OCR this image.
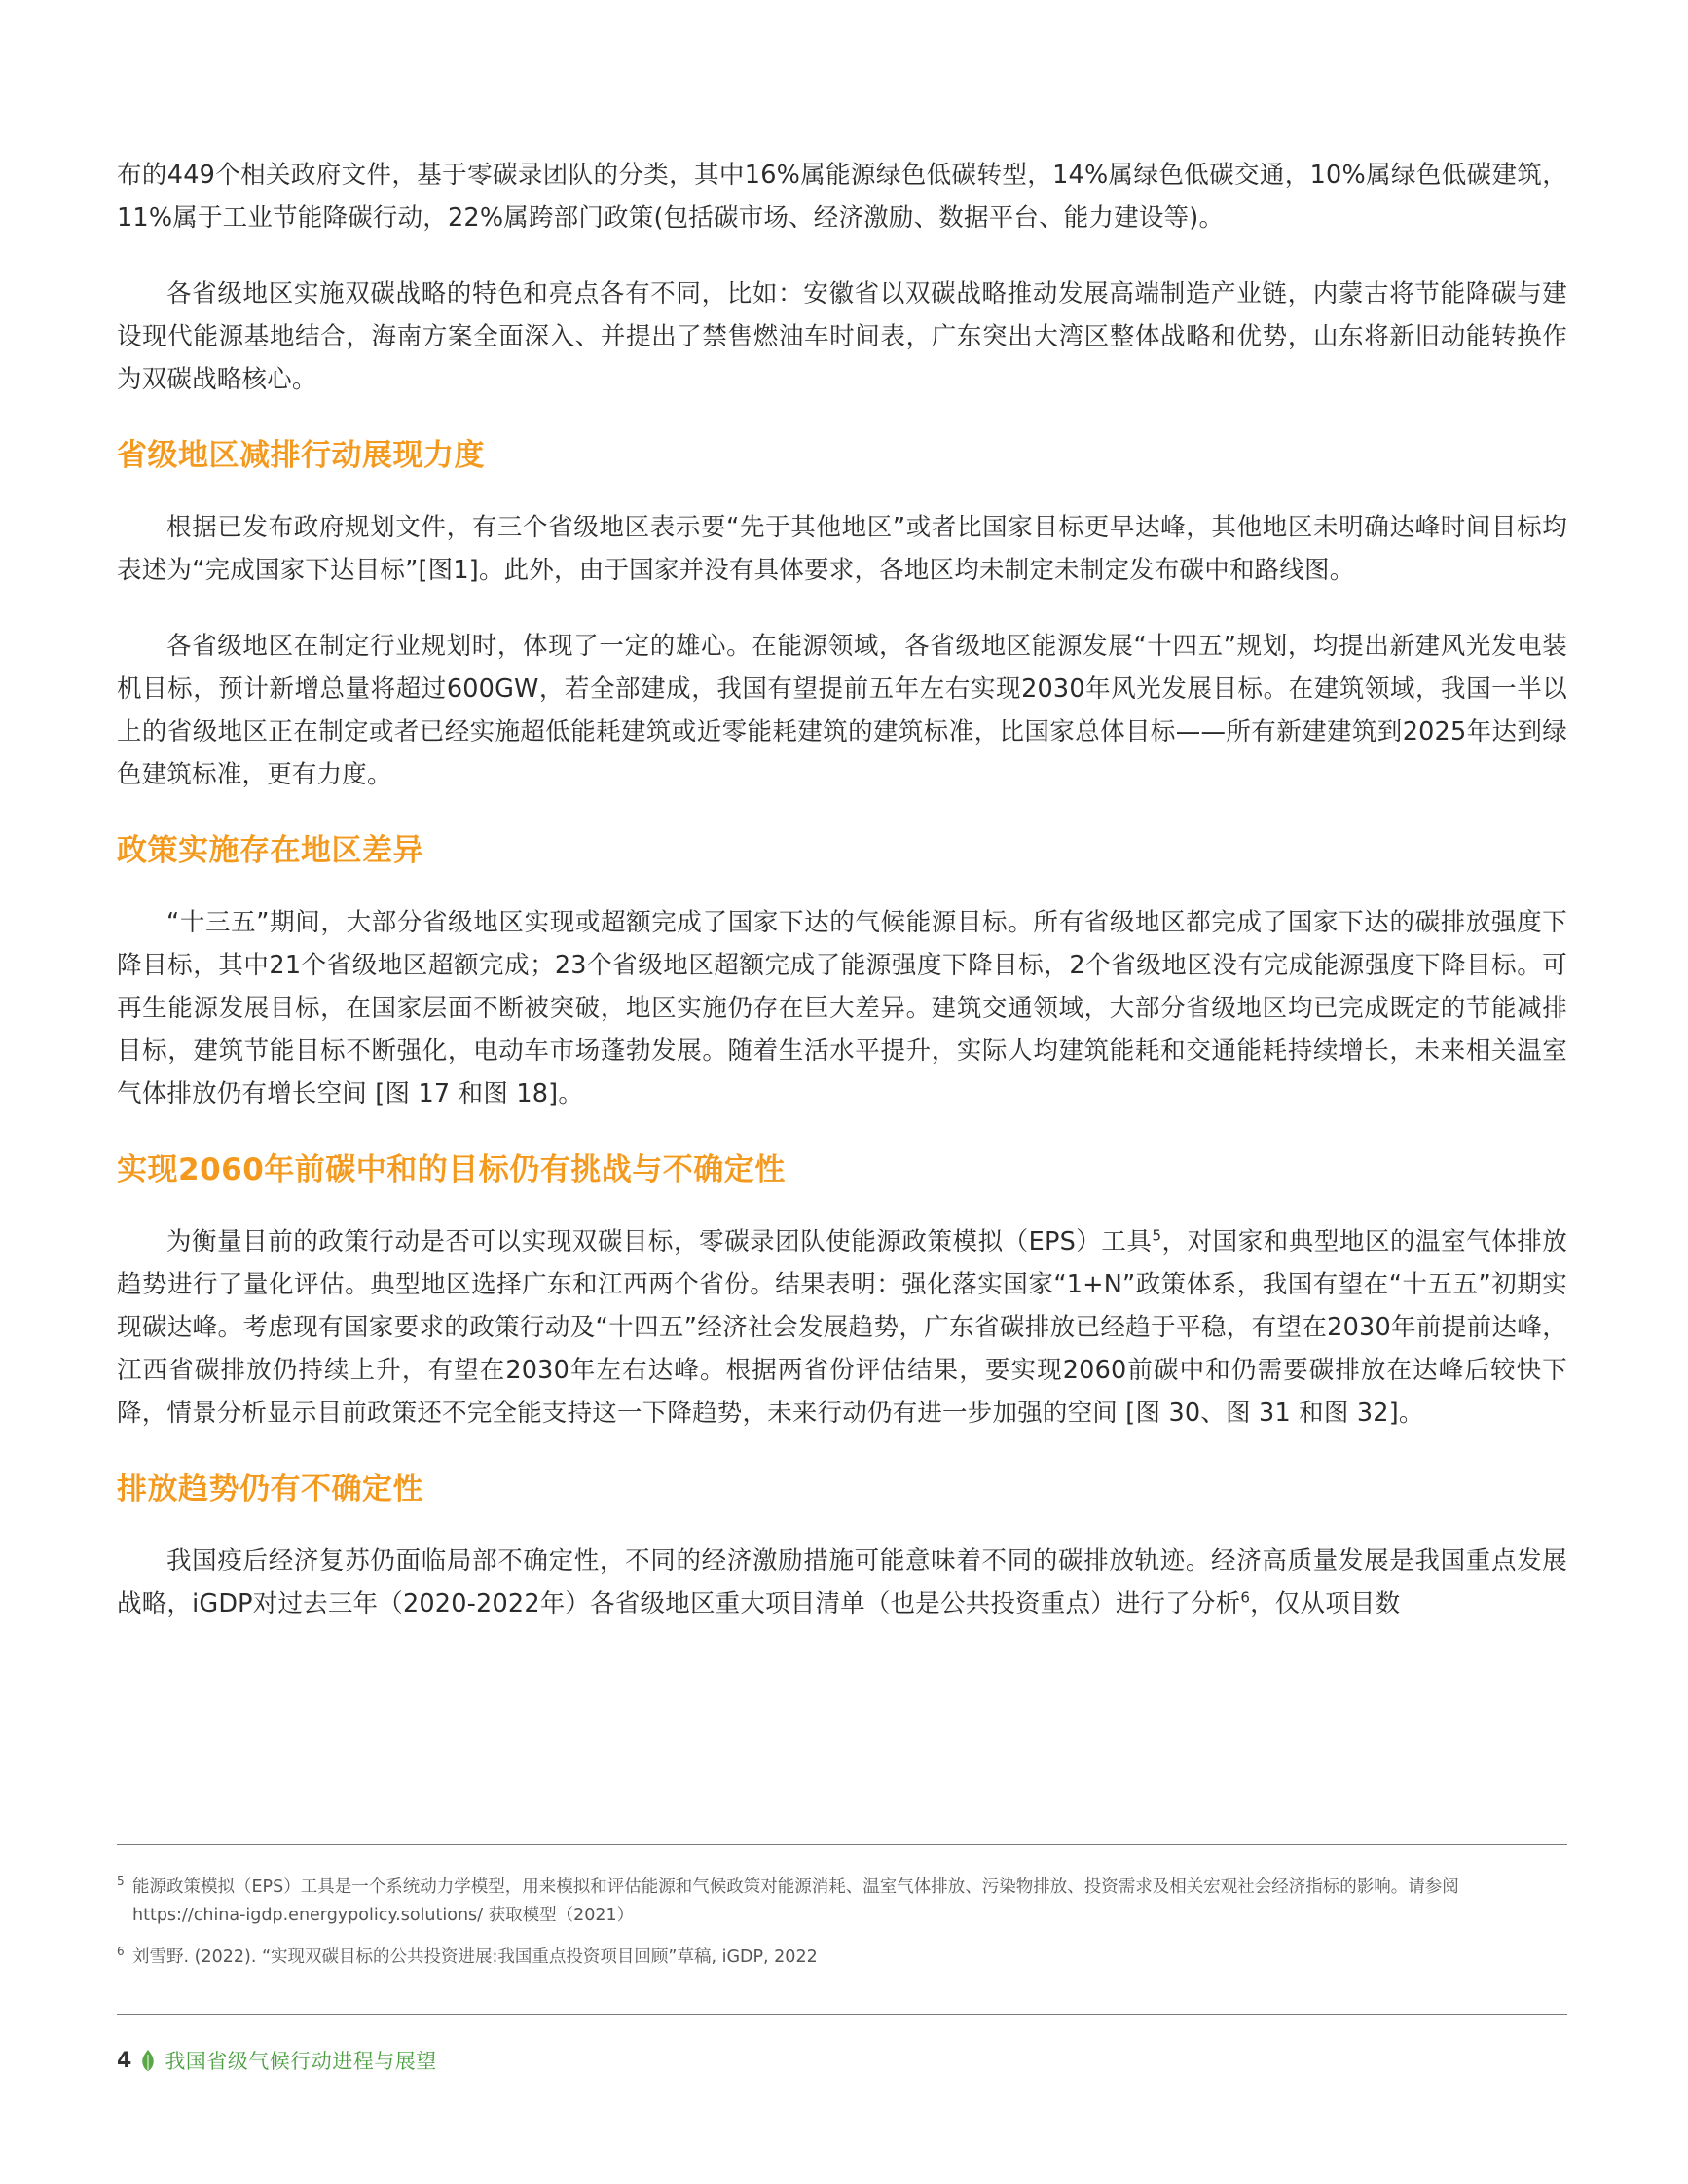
布的449个相关政府文件，基于零碳录团队的分类，其中16%属能源绿色低碳转型，14%属绿色低碳交通，10%属绿色低碳建筑，11%属于工业节能降碳行动，22%属跨部门政策(包括碳市场、经济激励、数据平台、能力建设等)。

各省级地区实施双碳战略的特色和亮点各有不同，比如：安徽省以双碳战略推动发展高端制造产业链，内蒙古将节能降碳与建设现代能源基地结合，海南方案全面深入、并提出了禁售燃油车时间表，广东突出大湾区整体战略和优势，山东将新旧动能转换作为双碳战略核心。

省级地区减排行动展现力度

根据已发布政府规划文件，有三个省级地区表示要“先于其他地区”或者比国家目标更早达峰，其他地区未明确达峰时间目标均表述为“完成国家下达目标”[图1]。此外，由于国家并没有具体要求，各地区均未制定未制定发布碳中和路线图。

各省级地区在制定行业规划时，体现了一定的雄心。在能源领域，各省级地区能源发展“十四五”规划，均提出新建风光发电装机目标，预计新增总量将超过600GW，若全部建成，我国有望提前五年左右实现2030年风光发展目标。在建筑领域，我国一半以上的省级地区正在制定或者已经实施超低能耗建筑或近零能耗建筑的建筑标准，比国家总体目标——所有新建建筑到2025年达到绿色建筑标准，更有力度。

政策实施存在地区差异

“十三五”期间，大部分省级地区实现或超额完成了国家下达的气候能源目标。所有省级地区都完成了国家下达的碳排放强度下降目标，其中21个省级地区超额完成；23个省级地区超额完成了能源强度下降目标，2个省级地区没有完成能源强度下降目标。可再生能源发展目标，在国家层面不断被突破，地区实施仍存在巨大差异。建筑交通领域，大部分省级地区均已完成既定的节能减排目标，建筑节能目标不断强化，电动车市场蓬勃发展。随着生活水平提升，实际人均建筑能耗和交通能耗持续增长，未来相关温室气体排放仍有增长空间 [图 17 和图 18]。

实现2060年前碳中和的目标仍有挑战与不确定性

为衡量目前的政策行动是否可以实现双碳目标，零碳录团队使能源政策模拟（EPS）工具$^5$，对国家和典型地区的温室气体排放趋势进行了量化评估。典型地区选择广东和江西两个省份。结果表明：强化落实国家“1+N”政策体系，我国有望在“十五五”初期实现碳达峰。考虑现有国家要求的政策行动及“十四五”经济社会发展趋势，广东省碳排放已经趋于平稳，有望在2030年前提前达峰，江西省碳排放仍持续上升，有望在2030年左右达峰。根据两省份评估结果，要实现2060前碳中和仍需要碳排放在达峰后较快下降，情景分析显示目前政策还不完全能支持这一下降趋势，未来行动仍有进一步加强的空间 [图 30、图 31 和图 32]。

排放趋势仍有不确定性

我国疫后经济复苏仍面临局部不确定性，不同的经济激励措施可能意味着不同的碳排放轨迹。经济高质量发展是我国重点发展战略，iGDP对过去三年（2020-2022年）各省级地区重大项目清单（也是公共投资重点）进行了分析$^6$，仅从项目数

5 能源政策模拟（EPS）工具是一个系统动力学模型，用来模拟和评估能源和气候政策对能源消耗、温室气体排放、污染物排放、投资需求及相关宏观社会经济指标的影响。请参阅https://china-igdp.energypolicy.solutions/ 获取模型（2021）
6 刘雪野. (2022). “实现双碳目标的公共投资进展:我国重点投资项目回顾”草稿, iGDP, 2022
4 我国省级气候行动进程与展望
